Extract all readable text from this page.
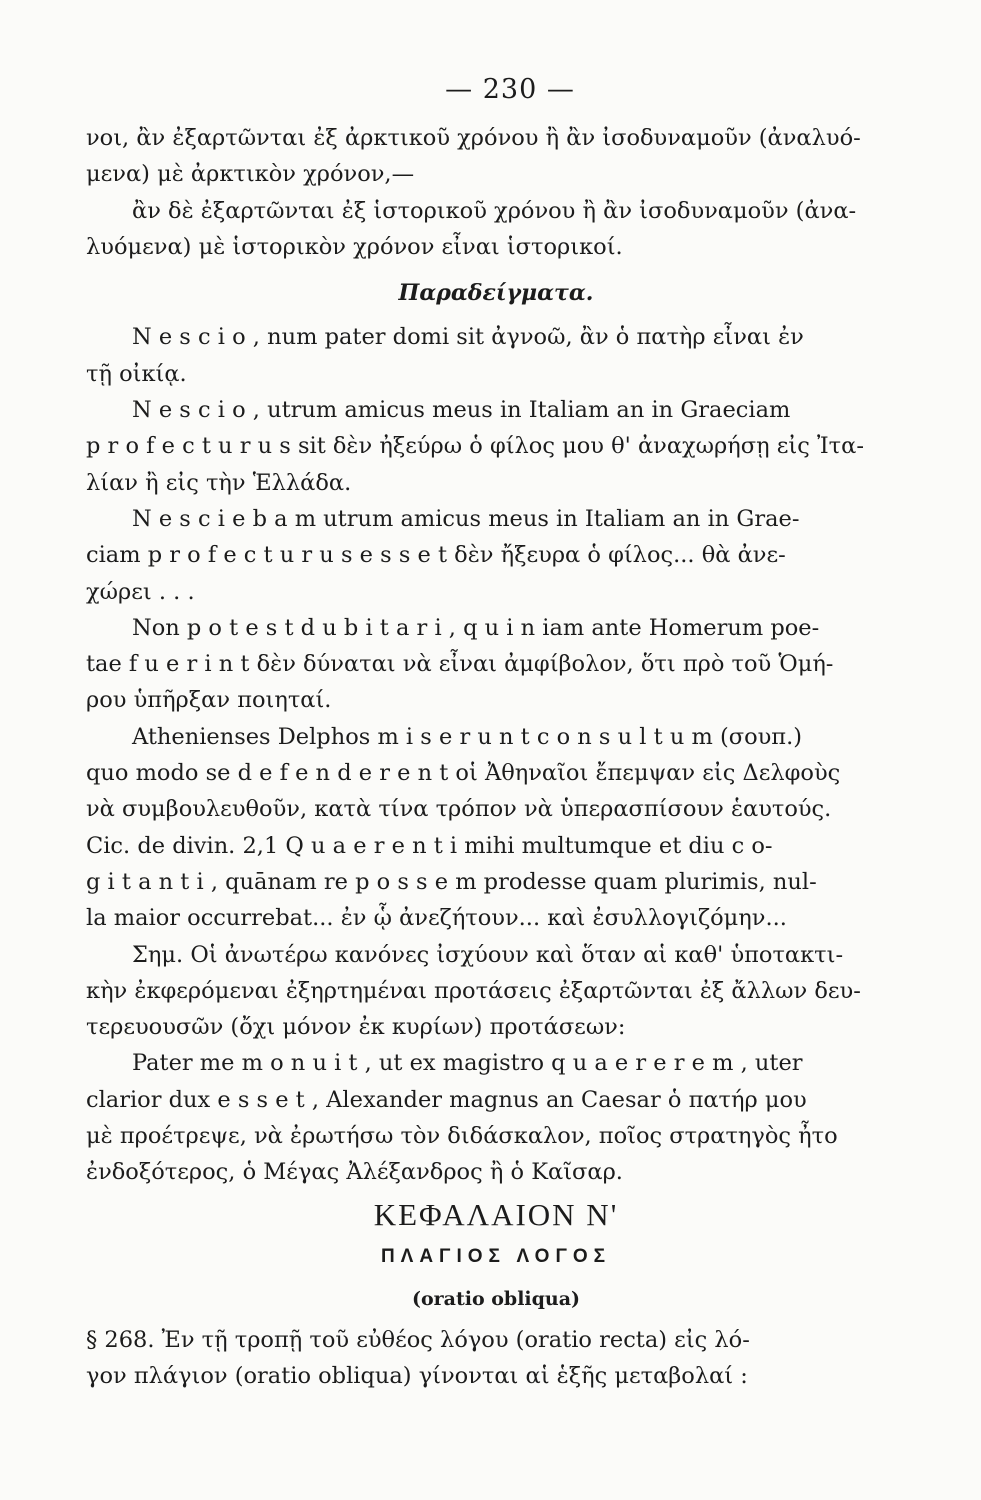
— 230 —

νοι, ἂν ἐξαρτῶνται ἐξ ἀρκτικοῦ χρόνου ἢ ἂν ἰσοδυναμοῦν (ἀναλυό-
μενα) μὲ ἀρκτικὸν χρόνον,—

ἂν δὲ ἐξαρτῶνται ἐξ ἱστορικοῦ χρόνου ἢ ἂν ἰσοδυναμοῦν (ἀνα-
λυόμενα) μὲ ἱστορικὸν χρόνον εἶναι ἱστορικοί.

Παραδείγματα.

N e s c i o , num pater domi sit ἀγνοῶ, ἂν ὁ πατὴρ εἶναι ἐν
τῇ οἰκίᾳ.

N e s c i o , utrum amicus meus in Italiam an in Graeciam
p r o f e c t u r u s sit δὲν ἠξεύρω ὁ φίλος μου θ' ἀναχωρήσῃ εἰς Ἰτα-
λίαν ἢ εἰς τὴν Ἑλλάδα.

N e s c i e b a m utrum amicus meus in Italiam an in Grae-
ciam p r o f e c t u r u s e s s e t δὲν ἤξευρα ὁ φίλος... θὰ ἀνε-
χώρει . . .

Non p o t e s t d u b i t a r i , q u i n iam ante Homerum poe-
tae f u e r i n t δὲν δύναται νὰ εἶναι ἀμφίβολον, ὅτι πρὸ τοῦ Ὁμή-
ρου ὑπῆρξαν ποιηταί.

Athenienses Delphos m i s e r u n t c o n s u l t u m (σουπ.)
quo modo se d e f e n d e r e n t οἱ Ἀθηναῖοι ἔπεμψαν εἰς Δελφοὺς
νὰ συμβουλευθοῦν, κατὰ τίνα τρόπον νὰ ὑπερασπίσουν ἑαυτούς.
Cic. de divin. 2,1 Q u a e r e n t i mihi multumque et diu c o-
g i t a n t i , quānam re p o s s e m prodesse quam plurimis, nul-
la maior occurrebat... ἐν ᾧ ἀνεζήτουν... καὶ ἐσυλλογιζόμην...

Σημ. Οἱ ἀνωτέρω κανόνες ἰσχύουν καὶ ὅταν αἱ καθ' ὑποτακτι-
κὴν ἐκφερόμεναι ἐξηρτημέναι προτάσεις ἐξαρτῶνται ἐξ ἄλλων δευ-
τερευουσῶν (ὄχι μόνον ἐκ κυρίων) προτάσεων:

Pater me m o n u i t , ut ex magistro q u a e r e r e m , uter
clarior dux e s s e t , Alexander magnus an Caesar ὁ πατήρ μου
μὲ προέτρεψε, νὰ ἐρωτήσω τὸν διδάσκαλον, ποῖος στρατηγὸς ἦτο
ἐνδοξότερος, ὁ Μέγας Ἀλέξανδρος ἢ ὁ Καῖσαρ.

ΚΕΦΑΛΑΙΟΝ Ν'
ΠΛΑΓΙΟΣ ΛΟΓΟΣ
(oratio obliqua)

§ 268. Ἐν τῇ τροπῇ τοῦ εὐθέος λόγου (oratio recta) εἰς λό-
γον πλάγιον (oratio obliqua) γίνονται αἱ ἑξῆς μεταβολαί :
